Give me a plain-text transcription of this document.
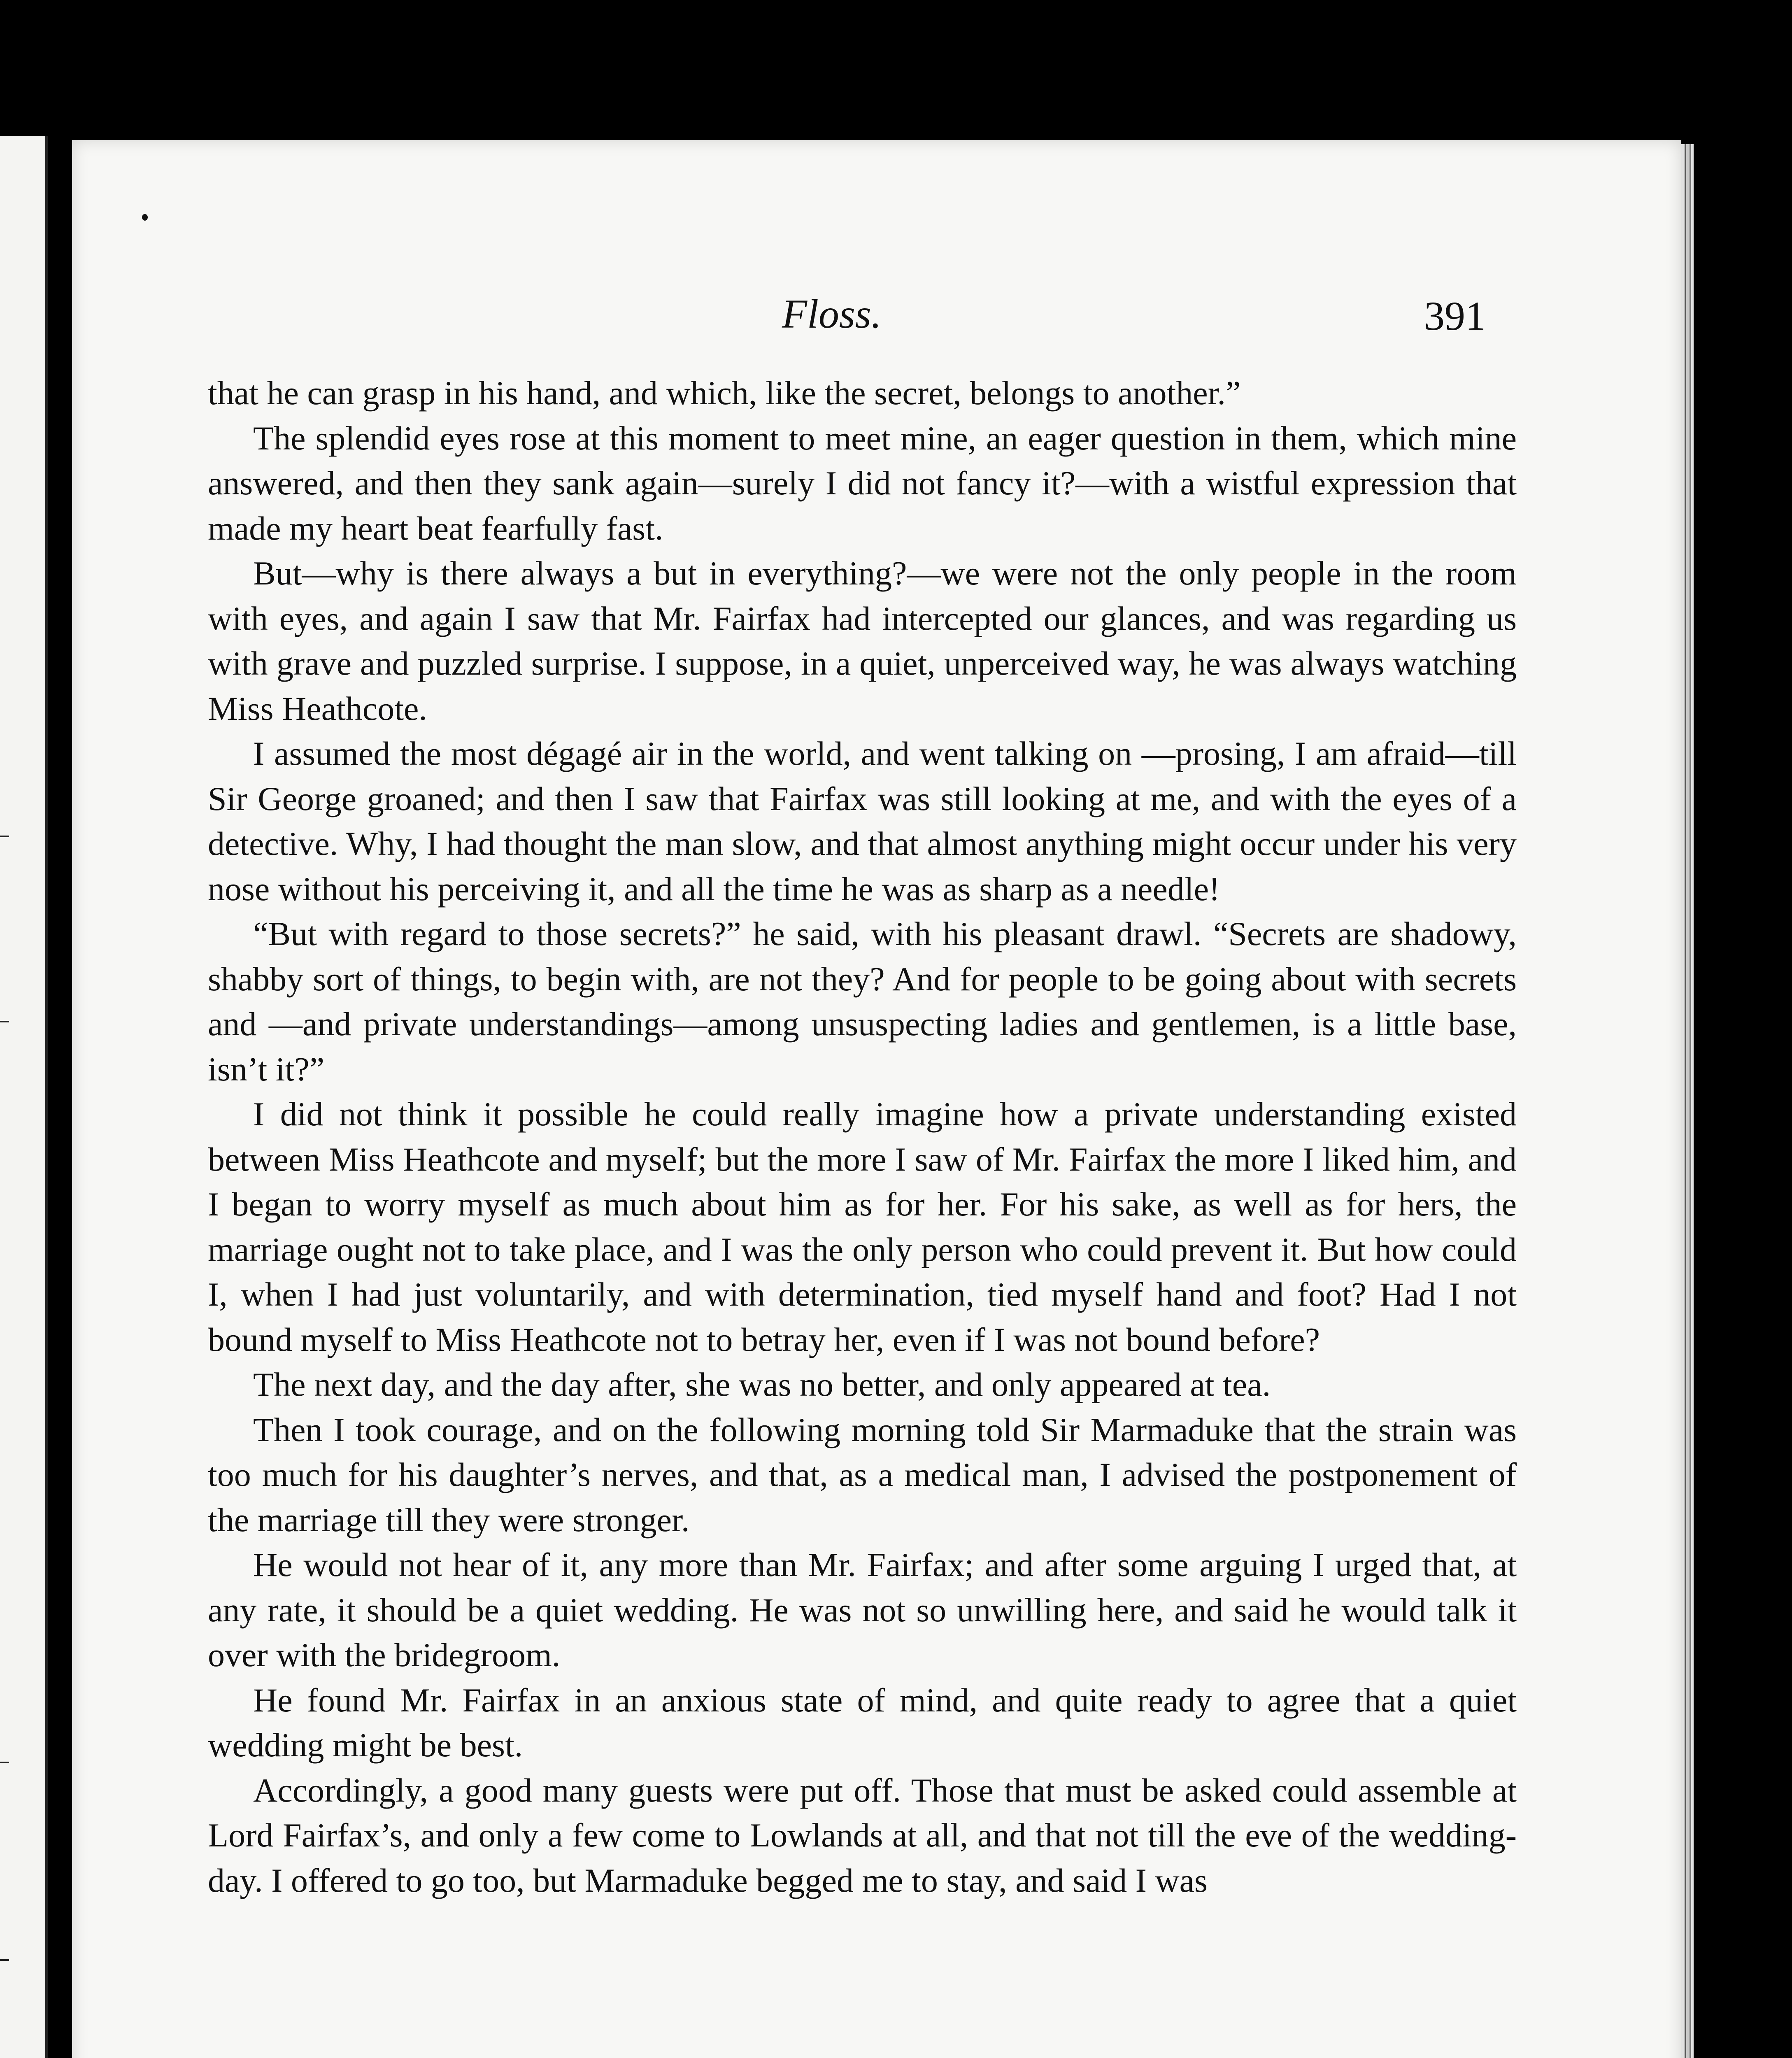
Floss.	391

that he can grasp in his hand, and which, like the secret, belongs to another.”

The splendid eyes rose at this moment to meet mine, an eager question in them, which mine answered, and then they sank again—surely I did not fancy it?—with a wistful expression that made my heart beat fearfully fast.

But—why is there always a but in everything?—we were not the only people in the room with eyes, and again I saw that Mr. Fairfax had intercepted our glances, and was regarding us with grave and puzzled surprise. I suppose, in a quiet, unperceived way, he was always watching Miss Heathcote.

I assumed the most dégagé air in the world, and went talking on —prosing, I am afraid—till Sir George groaned; and then I saw that Fairfax was still looking at me, and with the eyes of a detective. Why, I had thought the man slow, and that almost anything might occur under his very nose without his perceiving it, and all the time he was as sharp as a needle!

“But with regard to those secrets?” he said, with his pleasant drawl. “Secrets are shadowy, shabby sort of things, to begin with, are not they? And for people to be going about with secrets and —and private understandings—among unsuspecting ladies and gentlemen, is a little base, isn’t it?”

I did not think it possible he could really imagine how a private understanding existed between Miss Heathcote and myself; but the more I saw of Mr. Fairfax the more I liked him, and I began to worry myself as much about him as for her. For his sake, as well as for hers, the marriage ought not to take place, and I was the only person who could prevent it. But how could I, when I had just voluntarily, and with determination, tied myself hand and foot? Had I not bound myself to Miss Heathcote not to betray her, even if I was not bound before?

The next day, and the day after, she was no better, and only appeared at tea.

Then I took courage, and on the following morning told Sir Marmaduke that the strain was too much for his daughter’s nerves, and that, as a medical man, I advised the postponement of the marriage till they were stronger.

He would not hear of it, any more than Mr. Fairfax; and after some arguing I urged that, at any rate, it should be a quiet wedding. He was not so unwilling here, and said he would talk it over with the bridegroom.

He found Mr. Fairfax in an anxious state of mind, and quite ready to agree that a quiet wedding might be best.

Accordingly, a good many guests were put off. Those that must be asked could assemble at Lord Fairfax’s, and only a few come to Lowlands at all, and that not till the eve of the wedding-day. I offered to go too, but Marmaduke begged me to stay, and said I was
